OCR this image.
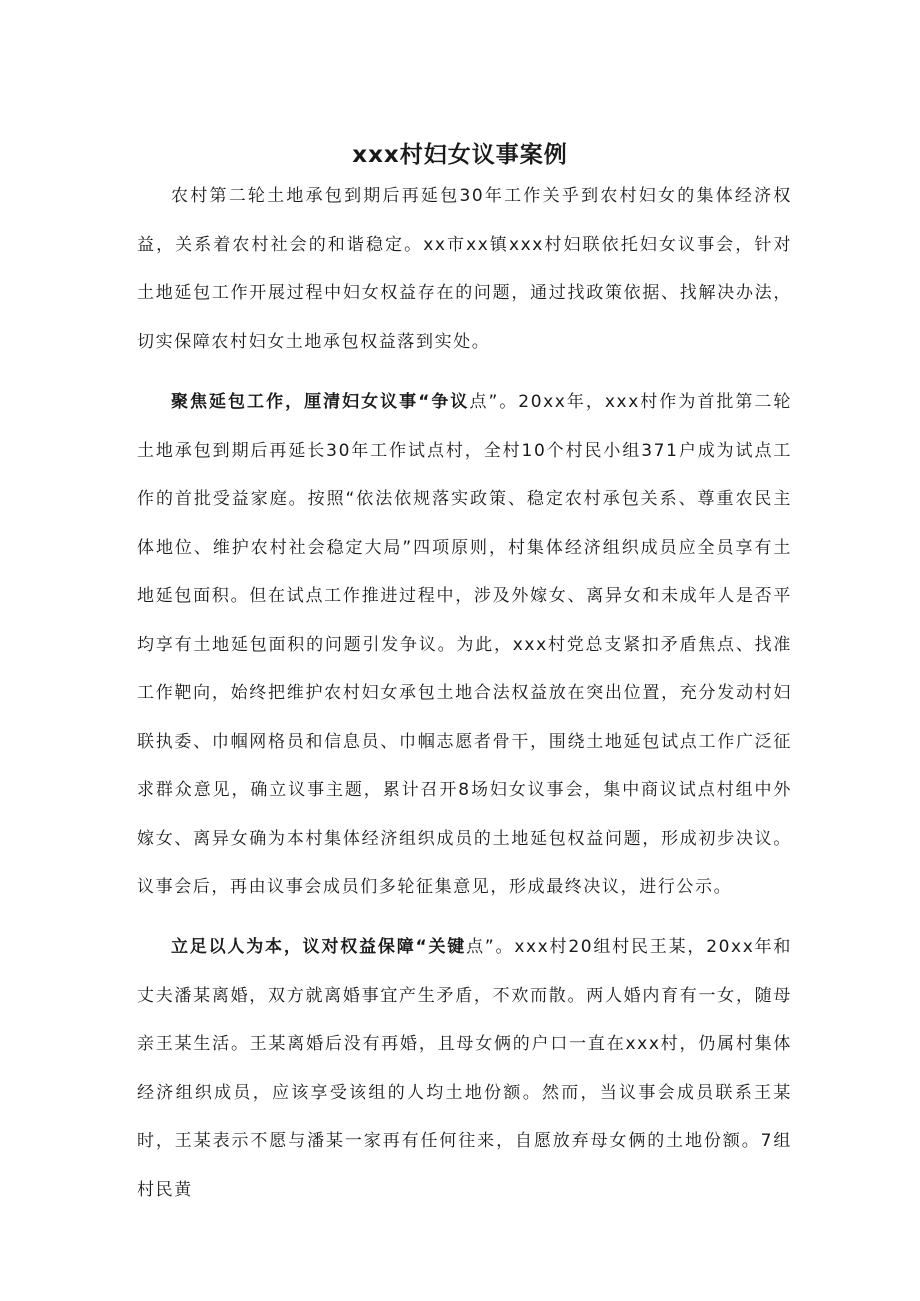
xxx村妇女议事案例

农村第二轮土地承包到期后再延包30年工作关乎到农村妇女的集体经济权益，关系着农村社会的和谐稳定。xx市xx镇xxx村妇联依托妇女议事会，针对土地延包工作开展过程中妇女权益存在的问题，通过找政策依据、找解决办法，切实保障农村妇女土地承包权益落到实处。

聚焦延包工作，厘清妇女议事“争议点”。20xx年，xxx村作为首批第二轮土地承包到期后再延长30年工作试点村，全村10个村民小组371户成为试点工作的首批受益家庭。按照“依法依规落实政策、稳定农村承包关系、尊重农民主体地位、维护农村社会稳定大局”四项原则，村集体经济组织成员应全员享有土地延包面积。但在试点工作推进过程中，涉及外嫁女、离异女和未成年人是否平均享有土地延包面积的问题引发争议。为此，xxx村党总支紧扣矛盾焦点、找准工作靶向，始终把维护农村妇女承包土地合法权益放在突出位置，充分发动村妇联执委、巾帼网格员和信息员、巾帼志愿者骨干，围绕土地延包试点工作广泛征求群众意见，确立议事主题，累计召开8场妇女议事会，集中商议试点村组中外嫁女、离异女确为本村集体经济组织成员的土地延包权益问题，形成初步决议。议事会后，再由议事会成员们多轮征集意见，形成最终决议，进行公示。

立足以人为本，议对权益保障“关键点”。xxx村20组村民王某，20xx年和丈夫潘某离婚，双方就离婚事宜产生矛盾，不欢而散。两人婚内育有一女，随母亲王某生活。王某离婚后没有再婚，且母女俩的户口一直在xxx村，仍属村集体经济组织成员，应该享受该组的人均土地份额。然而，当议事会成员联系王某时，王某表示不愿与潘某一家再有任何往来，自愿放弃母女俩的土地份额。7组村民黄
